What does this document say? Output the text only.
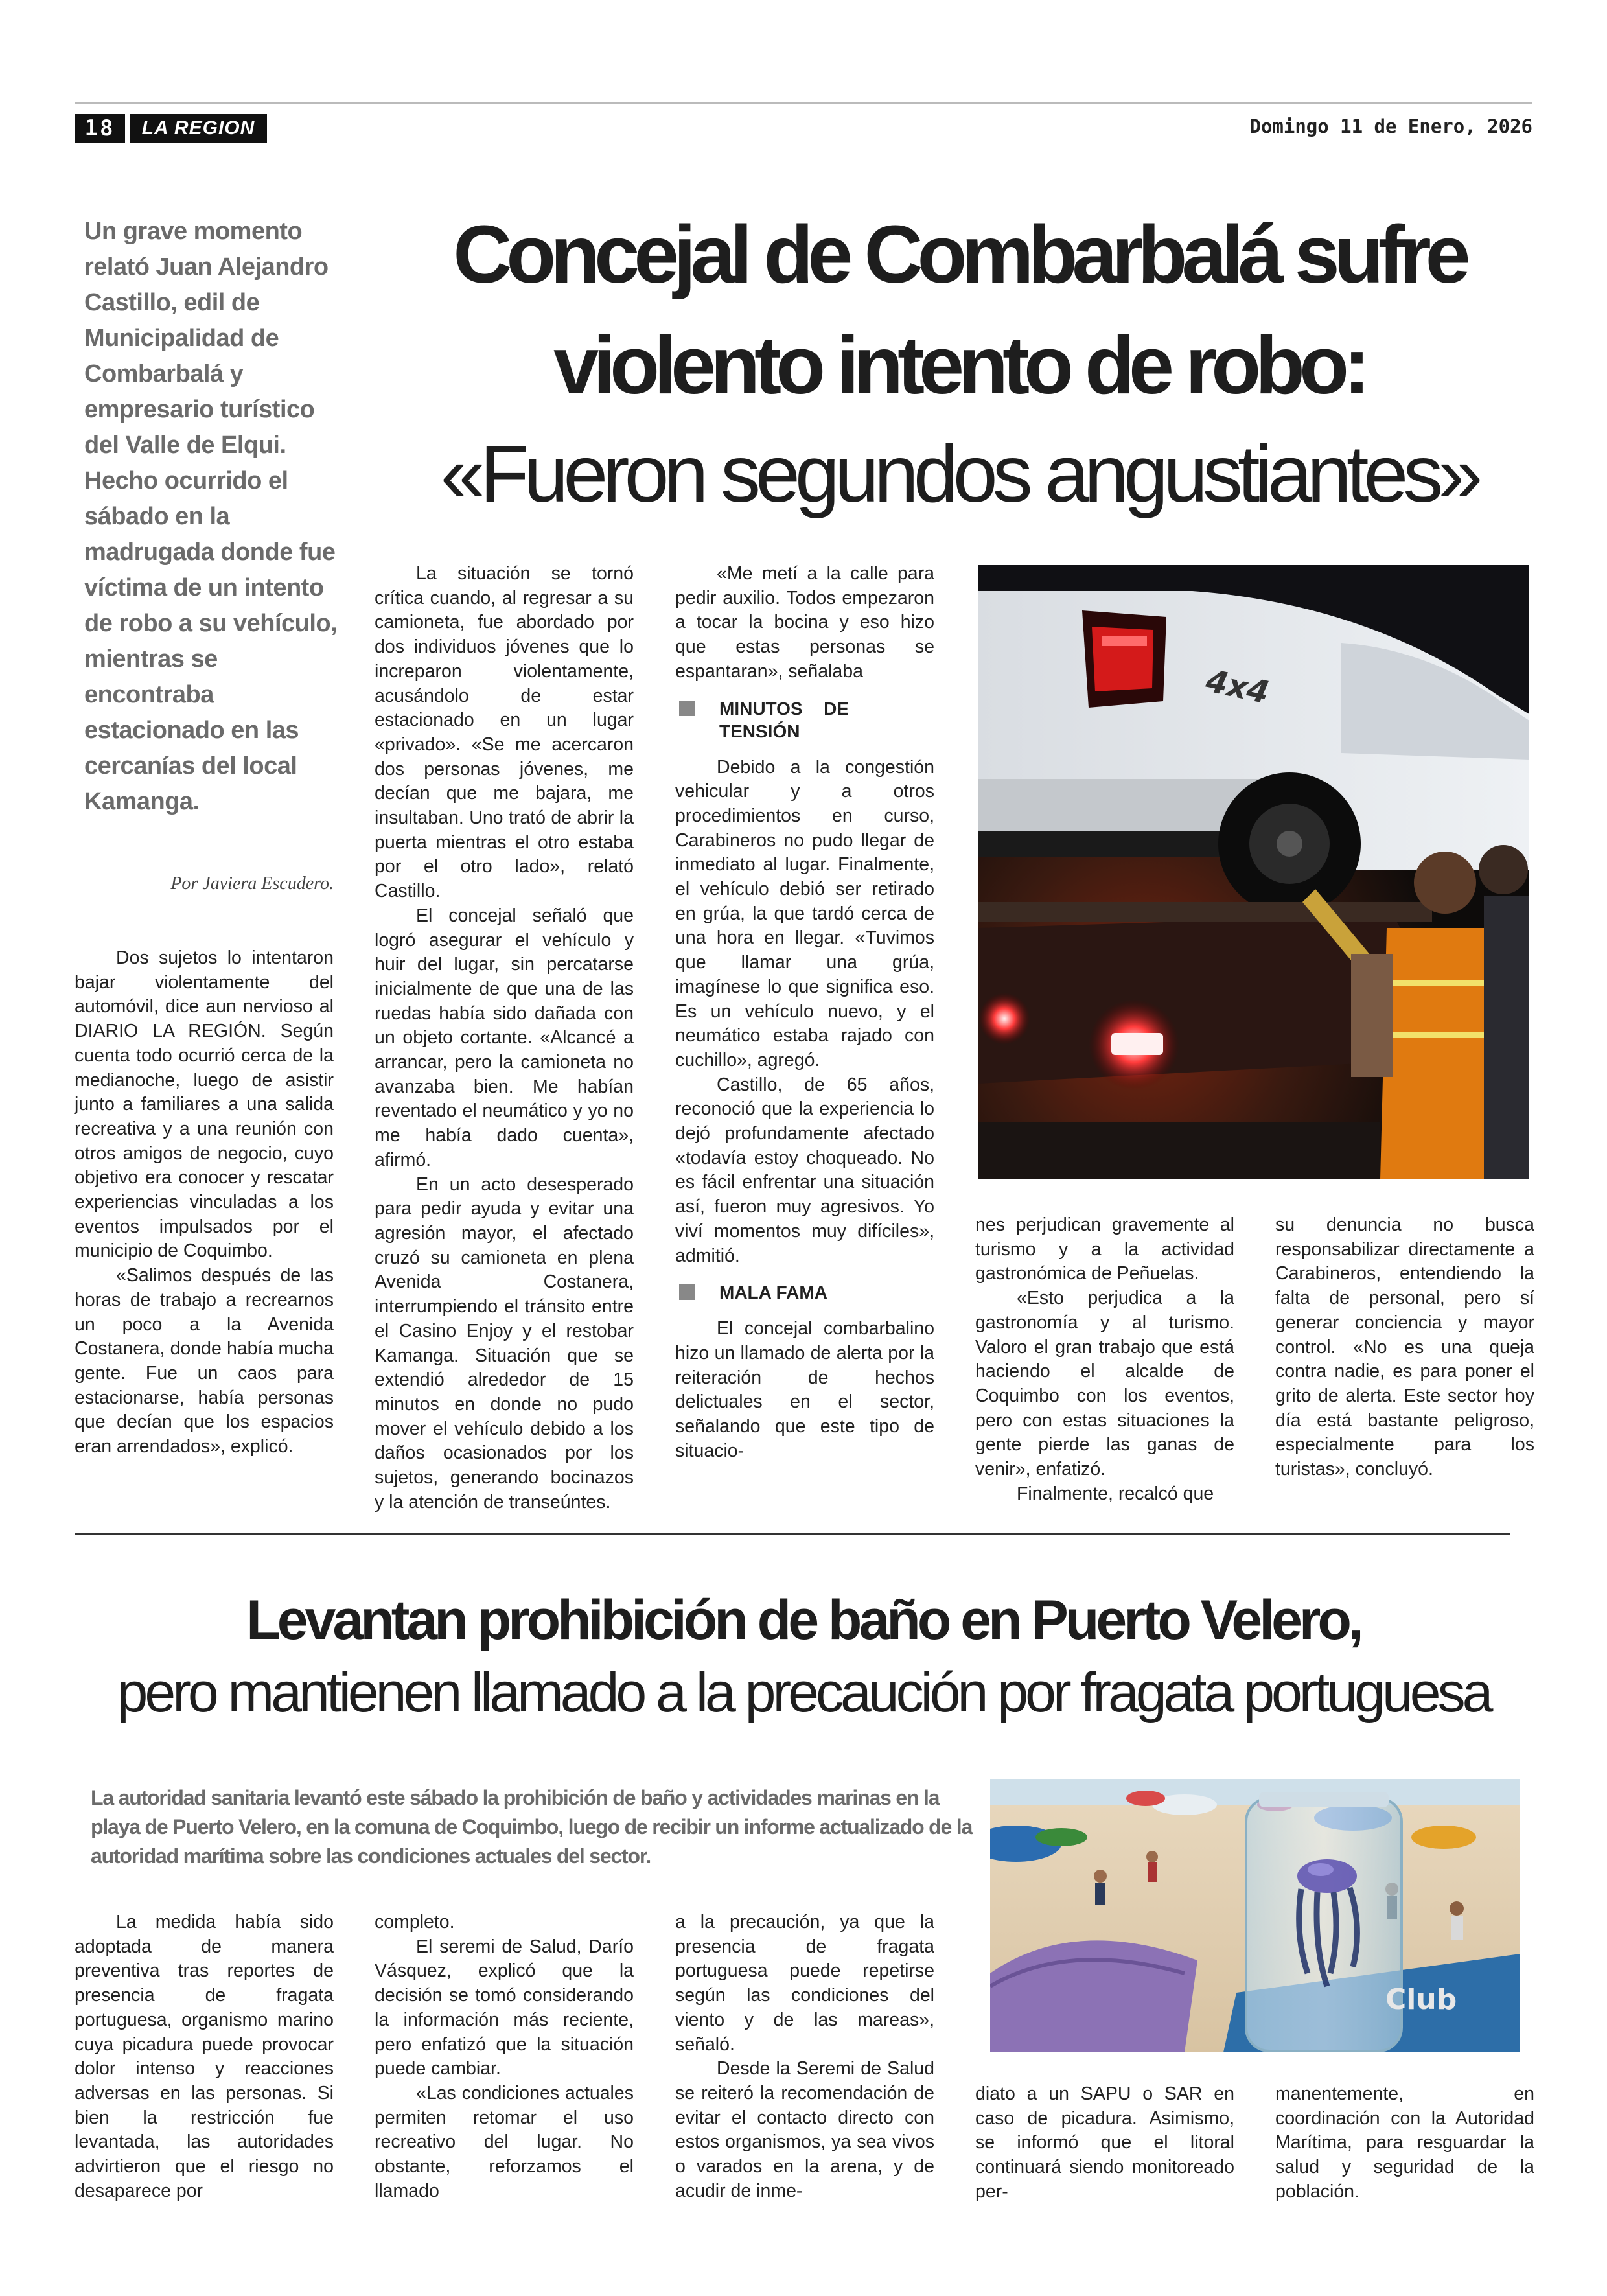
18	LA REGION	Domingo 11 de Enero, 2026
Un grave momento relató Juan Alejandro Castillo, edil de Municipalidad de Combarbalá y empresario turístico del Valle de Elqui. Hecho ocurrido el sábado en la madrugada donde fue víctima de un intento de robo a su vehículo, mientras se encontraba estacionado en las cercanías del local Kamanga.
Concejal de Combarbalá sufre
violento intento de robo:
«Fueron segundos angustiantes»
Por Javiera Escudero.

Dos sujetos lo intentaron bajar violentamente del automóvil, dice aun nervioso al DIARIO LA REGIÓN. Según cuenta todo ocurrió cerca de la medianoche, luego de asistir junto a familiares a una salida recreativa y a una reunión con otros amigos de negocio, cuyo objetivo era conocer y rescatar experiencias vinculadas a los eventos impulsados por el municipio de Coquimbo.

«Salimos después de las horas de trabajo a recrearnos un poco a la Avenida Costanera, donde había mucha gente. Fue un caos para estacionarse, había personas que decían que los espacios eran arrendados», explicó.

La situación se tornó crítica cuando, al regresar a su camioneta, fue abordado por dos individuos jóvenes que lo increparon violentamente, acusándolo de estar estacionado en un lugar «privado». «Se me acercaron dos personas jóvenes, me decían que me bajara, me insultaban. Uno trató de abrir la puerta mientras el otro estaba por el otro lado», relató Castillo.

El concejal señaló que logró asegurar el vehículo y huir del lugar, sin percatarse inicialmente de que una de las ruedas había sido dañada con un objeto cortante. «Alcancé a arrancar, pero la camioneta no avanzaba bien. Me habían reventado el neumático y yo no me había dado cuenta», afirmó.

En un acto desesperado para pedir ayuda y evitar una agresión mayor, el afectado cruzó su camioneta en plena Avenida Costanera, interrumpiendo el tránsito entre el Casino Enjoy y el restobar Kamanga. Situación que se extendió alrededor de 15 minutos en donde no pudo mover el vehículo debido a los daños ocasionados por los sujetos, generando bocinazos y la atención de transeúntes.

«Me metí a la calle para pedir auxilio. Todos empezaron a tocar la bocina y eso hizo que estas personas se espantaran», señalaba

MINUTOS DE TENSIÓN

Debido a la congestión vehicular y a otros procedimientos en curso, Carabineros no pudo llegar de inmediato al lugar. Finalmente, el vehículo debió ser retirado en grúa, la que tardó cerca de una hora en llegar. «Tuvimos que llamar una grúa, imagínese lo que significa eso. Es un vehículo nuevo, y el neumático estaba rajado con cuchillo», agregó.

Castillo, de 65 años, reconoció que la experiencia lo dejó profundamente afectado «todavía estoy choqueado. No es fácil enfrentar una situación así, fueron muy agresivos. Yo viví momentos muy difíciles», admitió.

MALA FAMA

El concejal combarbalino hizo un llamado de alerta por la reiteración de hechos delictuales en el sector, señalando que este tipo de situacio-

nes perjudican gravemente al turismo y a la actividad gastronómica de Peñuelas.

«Esto perjudica a la gastronomía y al turismo. Valoro el gran trabajo que está haciendo el alcalde de Coquimbo con los eventos, pero con estas situaciones la gente pierde las ganas de venir», enfatizó.

Finalmente, recalcó que

su denuncia no busca responsabilizar directamente a Carabineros, entendiendo la falta de personal, pero sí generar conciencia y mayor control. «No es una queja contra nadie, es para poner el grito de alerta. Este sector hoy día está bastante peligroso, especialmente para los turistas», concluyó.

4x4
Levantan prohibición de baño en Puerto Velero,
pero mantienen llamado a la precaución por fragata portuguesa
La autoridad sanitaria levantó este sábado la prohibición de baño y actividades marinas en la playa de Puerto Velero, en la comuna de Coquimbo, luego de recibir un informe actualizado de la autoridad marítima sobre las condiciones actuales del sector.
Club

La medida había sido adoptada de manera preventiva tras reportes de presencia de fragata portuguesa, organismo marino cuya picadura puede provocar dolor intenso y reacciones adversas en las personas. Si bien la restricción fue levantada, las autoridades advirtieron que el riesgo no desaparece por

completo.

El seremi de Salud, Darío Vásquez, explicó que la decisión se tomó considerando la información más reciente, pero enfatizó que la situación puede cambiar.

«Las condiciones actuales permiten retomar el uso recreativo del lugar. No obstante, reforzamos el llamado

a la precaución, ya que la presencia de fragata portuguesa puede repetirse según las condiciones del viento y de las mareas», señaló.

Desde la Seremi de Salud se reiteró la recomendación de evitar el contacto directo con estos organismos, ya sea vivos o varados en la arena, y de acudir de inme-

diato a un SAPU o SAR en caso de picadura. Asimismo, se informó que el litoral continuará siendo monitoreado per-

manentemente, en coordinación con la Autoridad Marítima, para resguardar la salud y seguridad de la población.
